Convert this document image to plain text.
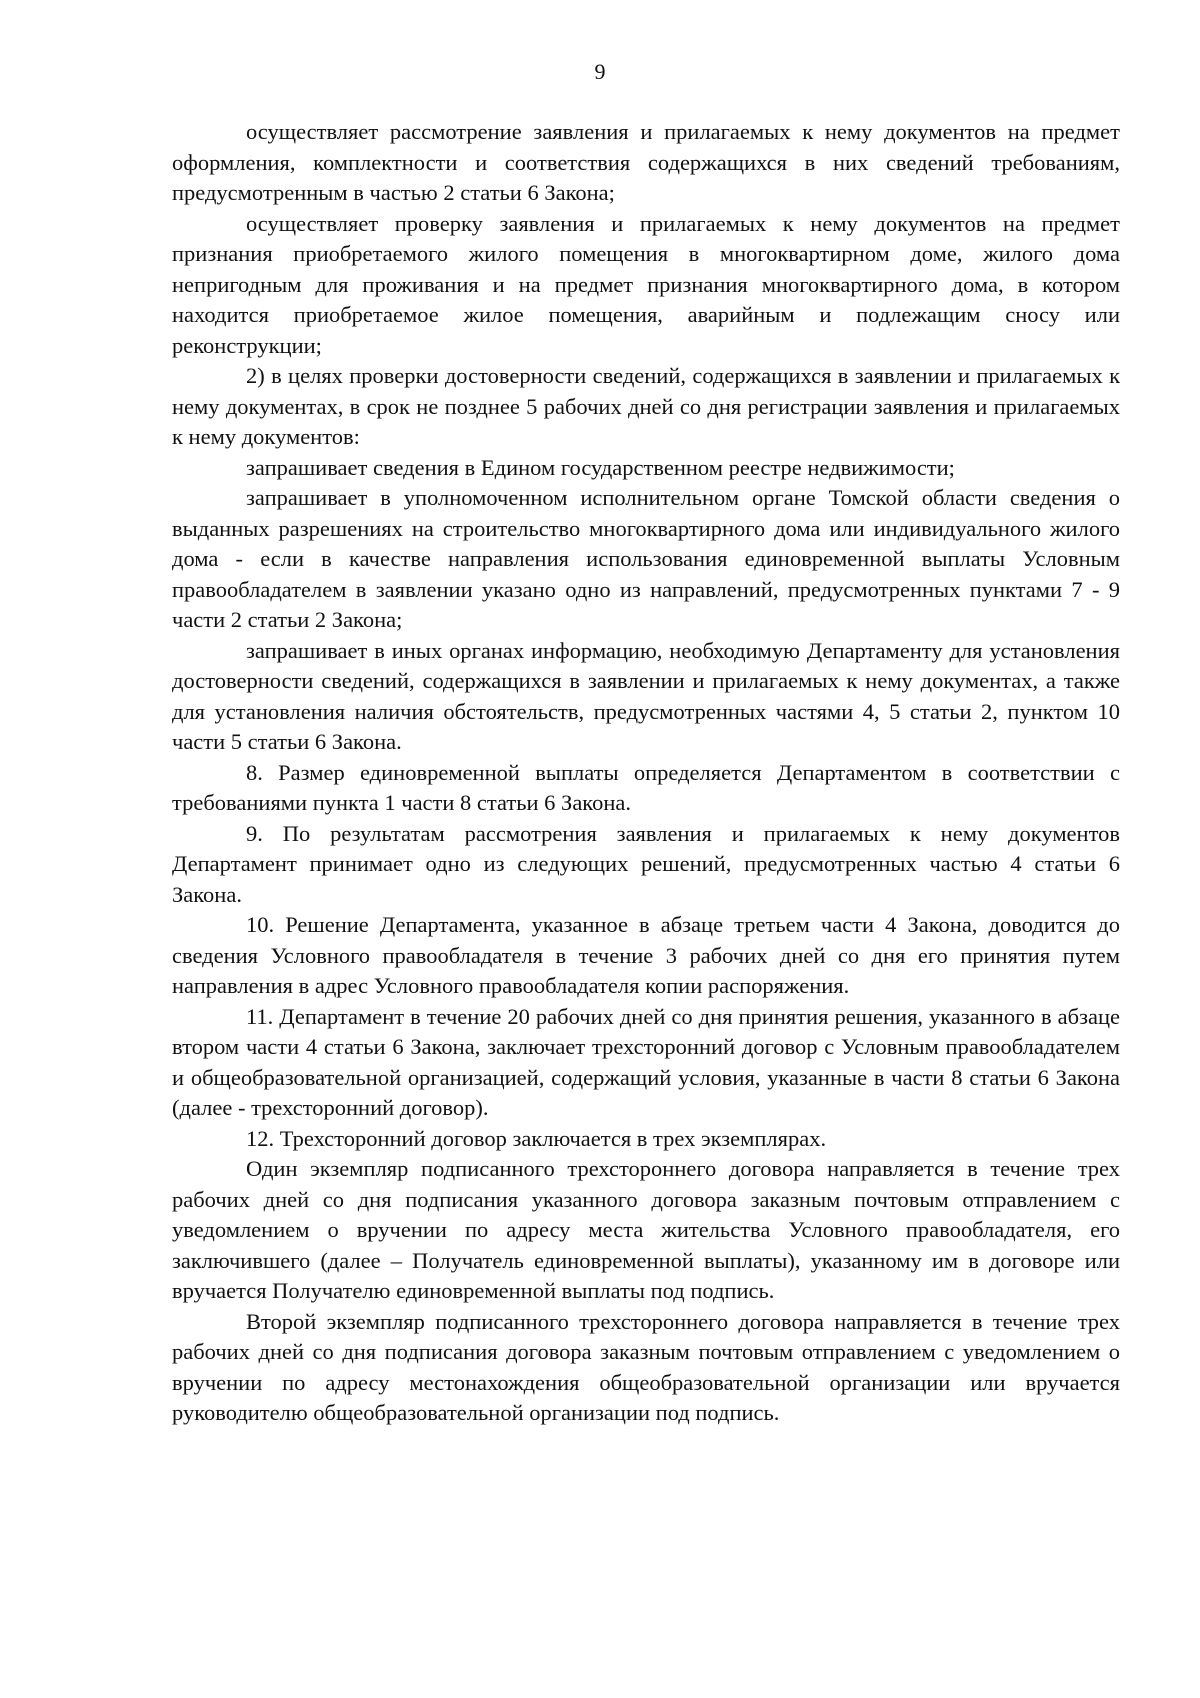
9

осуществляет рассмотрение заявления и прилагаемых к нему документов на предмет оформления, комплектности и соответствия содержащихся в них сведений требованиям, предусмотренным в частью 2 статьи 6 Закона;

осуществляет проверку заявления и прилагаемых к нему документов на предмет признания приобретаемого жилого помещения в многоквартирном доме, жилого дома непригодным для проживания и на предмет признания многоквартирного дома, в котором находится приобретаемое жилое помещения, аварийным и подлежащим сносу или реконструкции;

2) в целях проверки достоверности сведений, содержащихся в заявлении и прилагаемых к нему документах, в срок не позднее 5 рабочих дней со дня регистрации заявления и прилагаемых к нему документов:

запрашивает сведения в Едином государственном реестре недвижимости;

запрашивает в уполномоченном исполнительном органе Томской области сведения о выданных разрешениях на строительство многоквартирного дома или индивидуального жилого дома - если в качестве направления использования единовременной выплаты Условным правообладателем в заявлении указано одно из направлений, предусмотренных пунктами 7 - 9 части 2 статьи 2 Закона;

запрашивает в иных органах информацию, необходимую Департаменту для установления достоверности сведений, содержащихся в заявлении и прилагаемых к нему документах, а также для установления наличия обстоятельств, предусмотренных частями 4, 5 статьи 2, пунктом 10 части 5 статьи 6 Закона.

8. Размер единовременной выплаты определяется Департаментом в соответствии с требованиями пункта 1 части 8 статьи 6 Закона.

9. По результатам рассмотрения заявления и прилагаемых к нему документов Департамент принимает одно из следующих решений, предусмотренных частью 4 статьи 6 Закона.

10. Решение Департамента, указанное в абзаце третьем части 4 Закона, доводится до сведения Условного правообладателя в течение 3 рабочих дней со дня его принятия путем направления в адрес Условного правообладателя копии распоряжения.

11. Департамент в течение 20 рабочих дней со дня принятия решения, указанного в абзаце втором части 4 статьи 6 Закона, заключает трехсторонний договор с Условным правообладателем и общеобразовательной организацией, содержащий условия, указанные в части 8 статьи 6 Закона (далее - трехсторонний договор).

12. Трехсторонний договор заключается в трех экземплярах.

Один экземпляр подписанного трехстороннего договора направляется в течение трех рабочих дней со дня подписания указанного договора заказным почтовым отправлением с уведомлением о вручении по адресу места жительства Условного правообладателя, его заключившего (далее – Получатель единовременной выплаты), указанному им в договоре или вручается Получателю единовременной выплаты под подпись.

Второй экземпляр подписанного трехстороннего договора направляется в течение трех рабочих дней со дня подписания договора заказным почтовым отправлением с уведомлением о вручении по адресу местонахождения общеобразовательной организации или вручается руководителю общеобразовательной организации под подпись.
